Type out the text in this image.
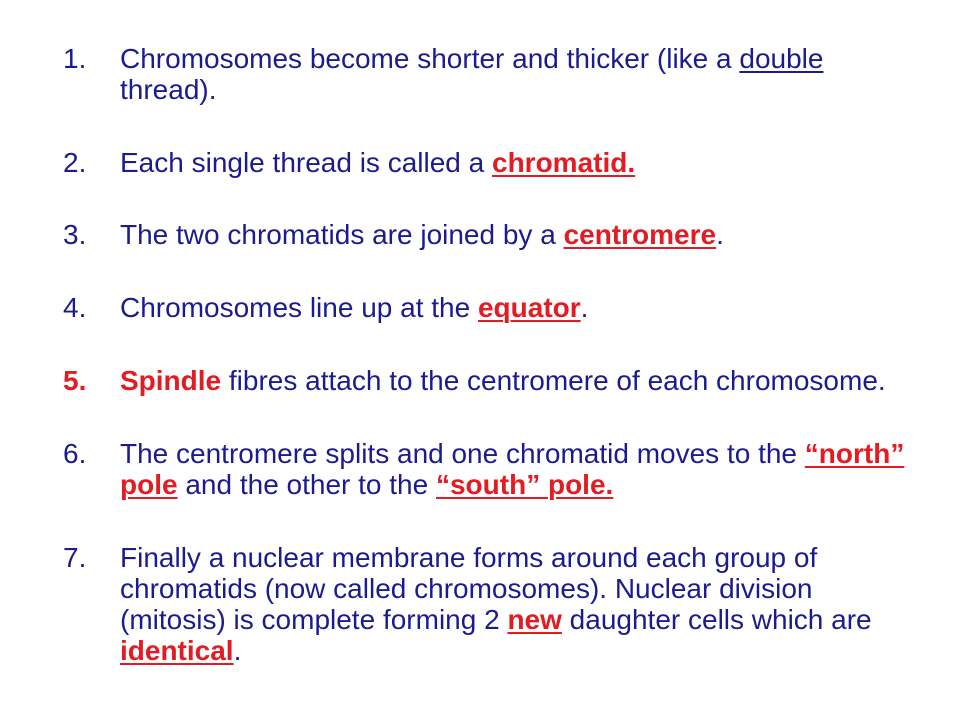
1.	Chromosomes become shorter and thicker (like a double thread).
2.	Each single thread is called a chromatid.
3.	The two chromatids are joined by a centromere.
4.	Chromosomes line up at the equator.
5.	Spindle fibres attach to the centromere of each chromosome.
6.	The centromere splits and one chromatid moves to the “north” pole and the other to the “south” pole.
7.	Finally a nuclear membrane forms around each group of chromatids (now called chromosomes). Nuclear division (mitosis) is complete forming 2 new daughter cells which are identical.
